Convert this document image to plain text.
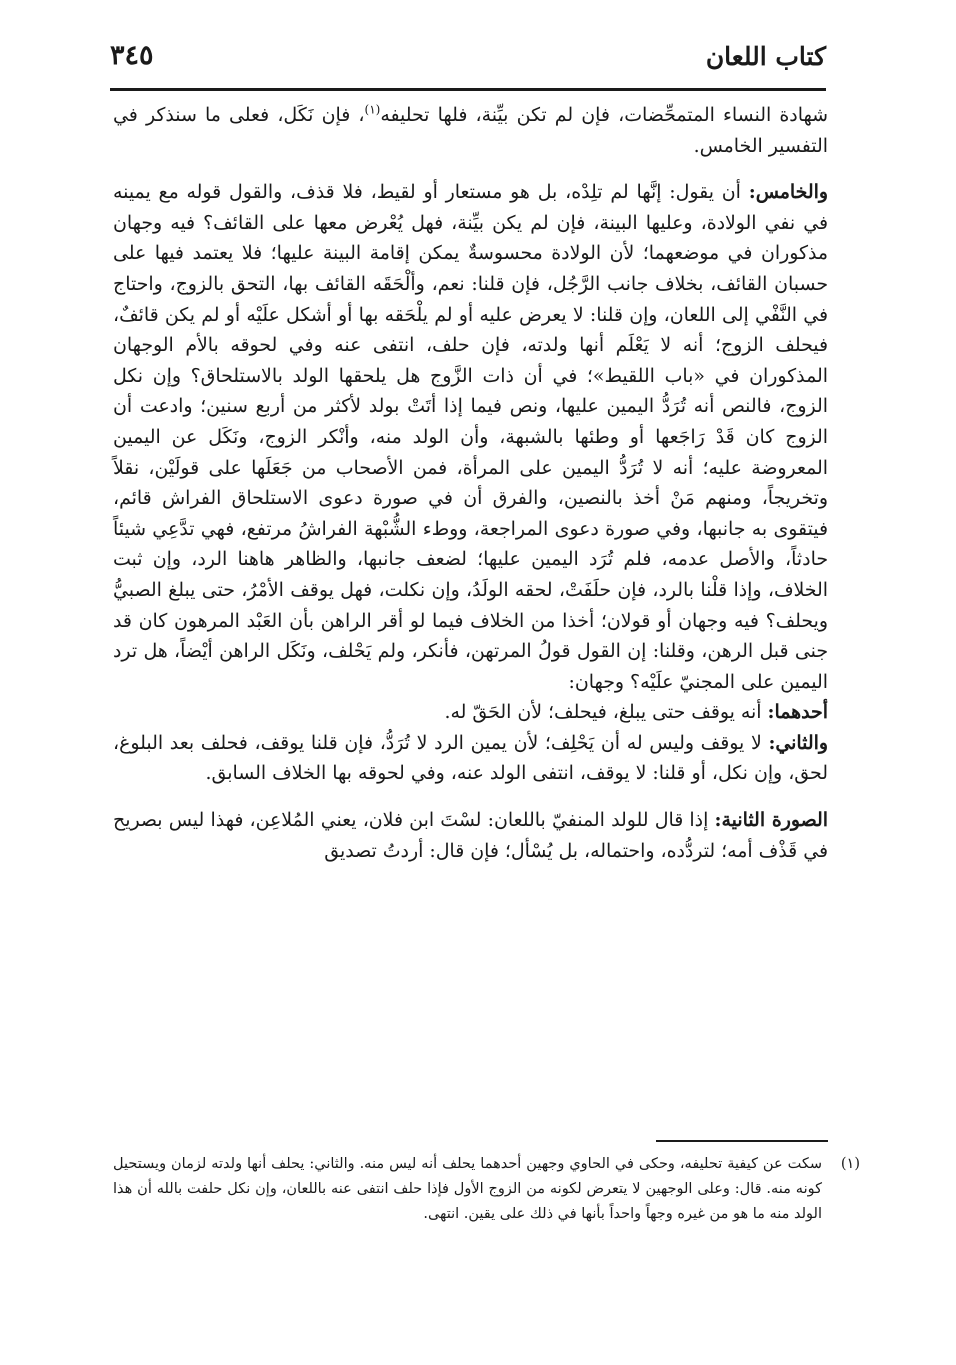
كتاب اللعان
٣٤٥

شهادة النساء المتمحِّضات، فإن لم تكن بيِّنة، فلها تحليفه$^{(١)}$، فإن نَكَل، فعلى ما سنذكر في التفسير الخامس.

والخامس: أن يقول: إنَّها لم تلِدْه، بل هو مستعار أو لقيط، فلا قذف، والقول قوله مع يمينه في نفي الولادة، وعليها البينة، فإن لم يكن بيِّنة، فهل يُعْرض معها على القائف؟ فيه وجهان مذكوران في موضعهما؛ لأن الولادة محسوسةٌ يمكن إقامة البينة عليها؛ فلا يعتمد فيها على حسبان القائف، بخلاف جانب الرَّجُل، فإن قلنا: نعم، وألْحَقَه القائف بها، التحق بالزوج، واحتاج في النَّفْي إلى اللعان، وإن قلنا: لا يعرض عليه أو لم يلْحَقه بها أو أشكل علَيْه أو لم يكن قائفٌ، فيحلف الزوج؛ أنه لا يَعْلَم أنها ولدته، فإن حلف، انتفى عنه وفي لحوقه بالأم الوجهان المذكوران في «باب اللقيط»؛ في أن ذات الزَّوج هل يلحقها الولد بالاستلحاق؟ وإن نكل الزوج، فالنص أنه تُرَدُّ اليمين عليها، ونص فيما إذا أتَتْ بولد لأكثر من أربع سنين؛ وادعت أن الزوج كان قَدْ رَاجَعها أو وطئها بالشبهة، وأن الولد منه، وأنْكر الزوج، ونَكَل عن اليمين المعروضة عليه؛ أنه لا تُرَدُّ اليمين على المرأة، فمن الأصحاب من جَعَلَها على قولَيْن، نقلاً وتخريجاً، ومنهم مَنْ أخذ بالنصين، والفرق أن في صورة دعوى الاستلحاق الفراش قائم، فيتقوى به جانبها، وفي صورة دعوى المراجعة، ووطء الشُّبْهة الفراشُ مرتفع، فهي تدَّعِي شيئاً حادثاً، والأصل عدمه، فلم تُرَد اليمين عليها؛ لضعف جانبها، والظاهر هاهنا الرد، وإن ثبت الخلاف، وإذا قلْنا بالرد، فإن حلَفَتْ، لحقه الولَدُ، وإن نكلت، فهل يوقف الأمْرُ، حتى يبلغ الصبيُّ ويحلف؟ فيه وجهان أو قولان؛ أخذا من الخلاف فيما لو أقر الراهن بأن العَبْد المرهون كان قد جنى قبل الرهن، وقلنا: إن القول قولُ المرتهن، فأنكر، ولم يَحْلف، ونَكَل الراهن أيْضاً، هل ترد اليمين على المجنيّ علَيْه؟ وجهان:

أحدهما: أنه يوقف حتى يبلغ، فيحلف؛ لأن الحَقّ له.

والثاني: لا يوقف وليس له أن يَحْلِف؛ لأن يمين الرد لا تُرَدُّ، فإن قلنا يوقف، فحلف بعد البلوغ، لحق، وإن نكل، أو قلنا: لا يوقف، انتفى الولد عنه، وفي لحوقه بها الخلاف السابق.

الصورة الثانية: إذا قال للولد المنفيّ باللعان: لسْتَ ابن فلان، يعني المُلاعِن، فهذا ليس بصريح في قَذْف أمه؛ لتردُّده، واحتماله، بل يُسْأل؛ فإن قال: أردتُ تصديق

(١)
سكت عن كيفية تحليفه، وحكى في الحاوي وجهين أحدهما يحلف أنه ليس منه. والثاني: يحلف أنها ولدته لزمان ويستحيل كونه منه. قال: وعلى الوجهين لا يتعرض لكونه من الزوج الأول فإذا حلف انتفى عنه باللعان، وإن نكل حلفت بالله أن هذا الولد منه ما هو من غيره وجهاً واحداً بأنها في ذلك على يقين. انتهى.
